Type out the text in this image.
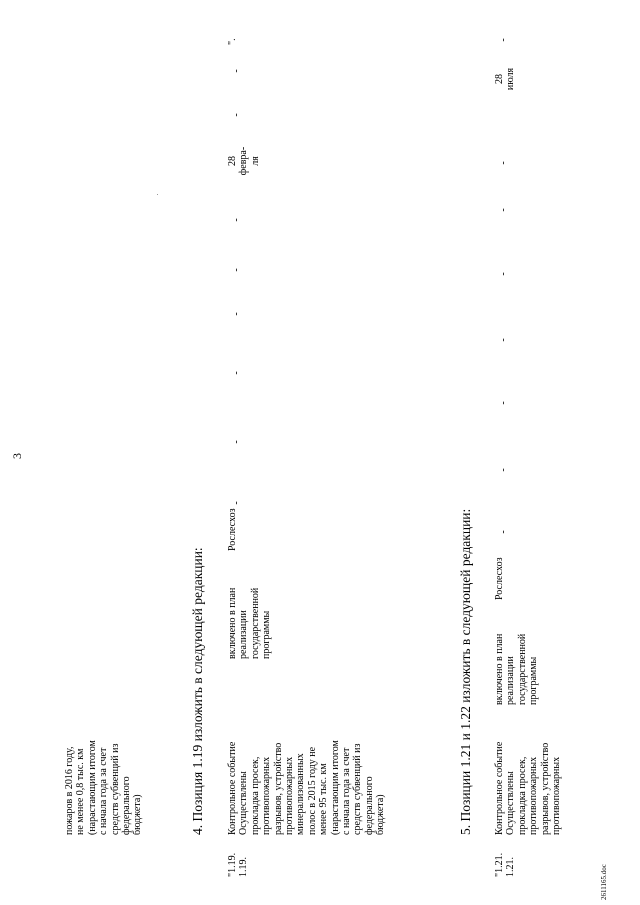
3
пожаров в 2016 году, не менее 0,8 тыс. км (нарастающим итогом с начала года за счет средств субвенций из федерального бюджета)	4. Позиция 1.19 изложить в следующей редакции:
"1.19. 1.19.
Контрольное событие Осуществлены прокладка просек, противопожарных разрывов, устройство противопожарных минерализованных полос в 2015 году не менее 95 тыс. км (нарастающим итогом с начала года за счет средств субвенций из федерального бюджета)
включено в план реализации государственной программы
Рослесхоз
-
-
-
-
-
-
28 февра- ля
-
-
".
5. Позиции 1.21 и 1.22 изложить в следующей редакции:
"1.21. 1.21.
Контрольное событие Осуществлены прокладка просек, противопожарных разрывов, устройство противопожарных
включено в план реализации государственной программы
Рослесхоз
-
-
-
-
-
-
-
28 июля
-
2611165.doc
